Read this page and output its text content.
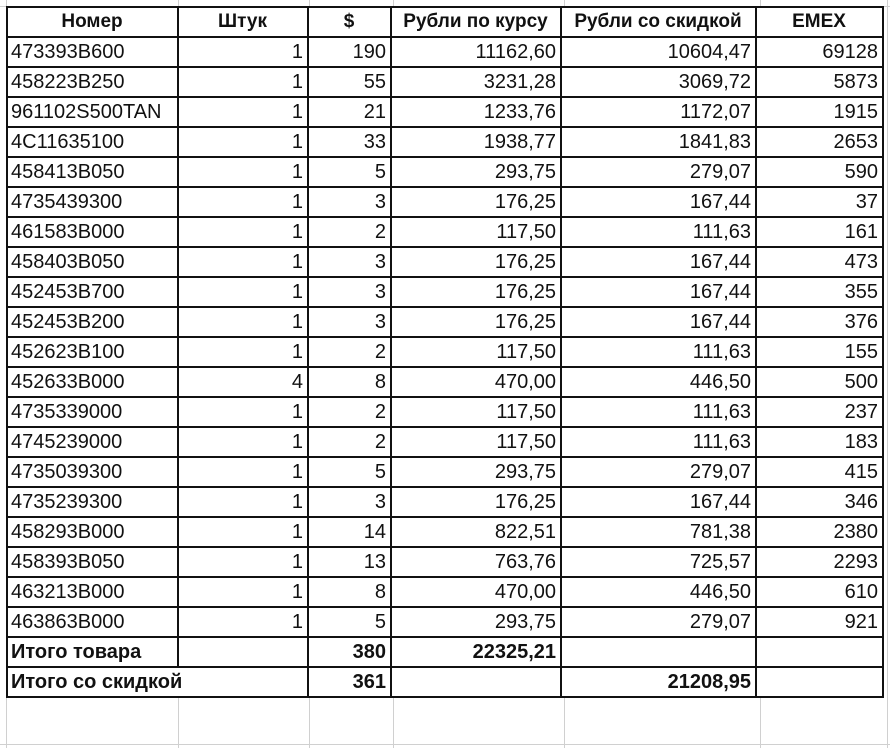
Номер	Штук	$	Рубли по курсу	Рубли со скидкой	EMEX
473393B600	1	190	11162,60	10604,47	69128
458223B250	1	55	3231,28	3069,72	5873
961102S500TAN	1	21	1233,76	1172,07	1915
4C11635100	1	33	1938,77	1841,83	2653
458413B050	1	5	293,75	279,07	590
4735439300	1	3	176,25	167,44	37
461583B000	1	2	117,50	111,63	161
458403B050	1	3	176,25	167,44	473
452453B700	1	3	176,25	167,44	355
452453B200	1	3	176,25	167,44	376
452623B100	1	2	117,50	111,63	155
452633B000	4	8	470,00	446,50	500
4735339000	1	2	117,50	111,63	237
4745239000	1	2	117,50	111,63	183
4735039300	1	5	293,75	279,07	415
4735239300	1	3	176,25	167,44	346
458293B000	1	14	822,51	781,38	2380
458393B050	1	13	763,76	725,57	2293
463213B000	1	8	470,00	446,50	610
463863B000	1	5	293,75	279,07	921
Итого товара		380	22325,21		
Итого со скидкой		361		21208,95	
